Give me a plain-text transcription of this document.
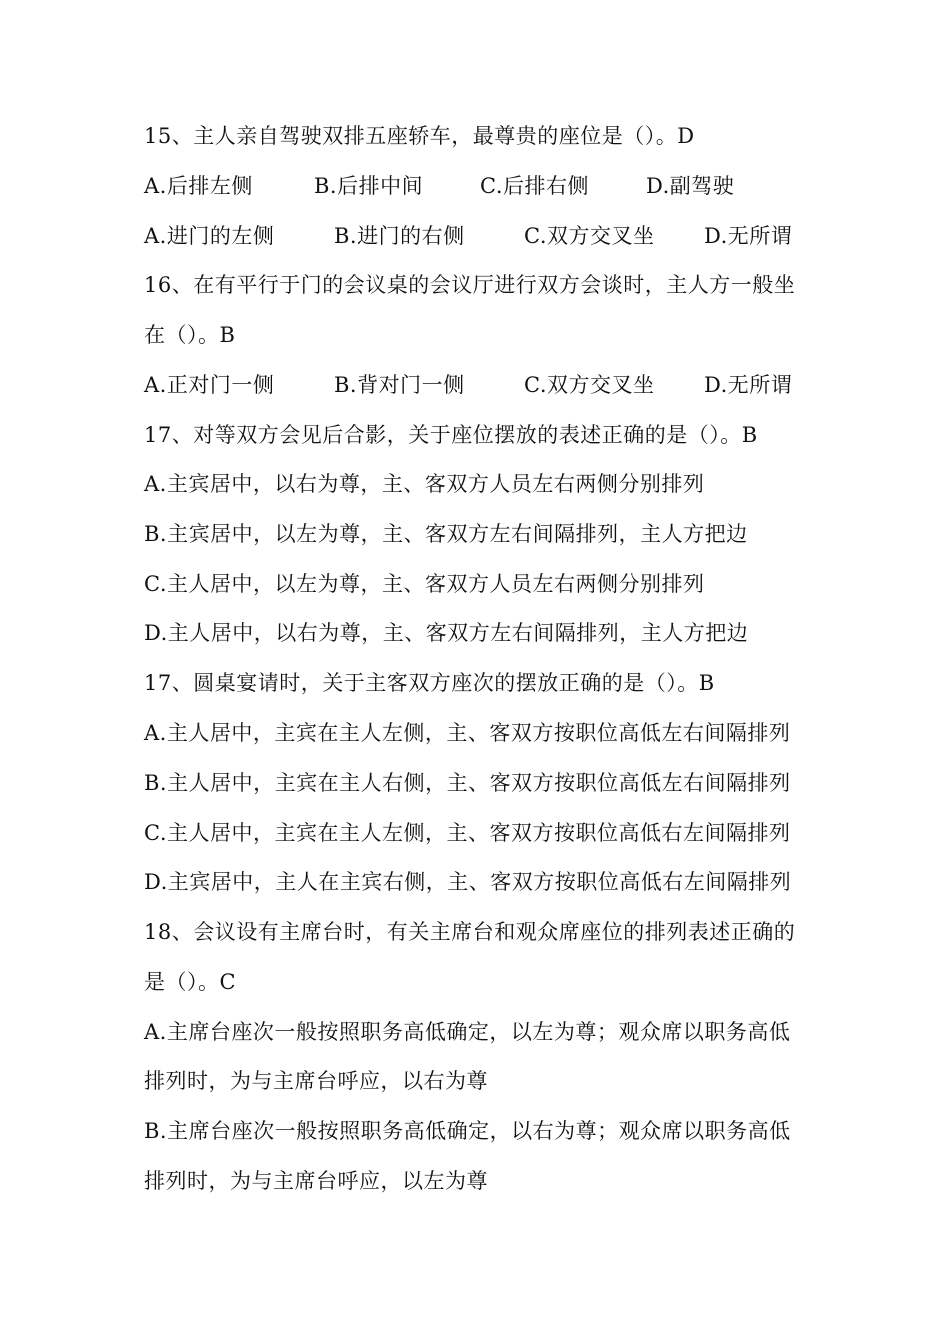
15、主人亲自驾驶双排五座轿车，最尊贵的座位是（）。D
A.后排左侧	B.后排中间	C.后排右侧	D.副驾驶
A.进门的左侧	B.进门的右侧	C.双方交叉坐 D.无所谓
16、在有平行于门的会议桌的会议厅进行双方会谈时，主人方一般坐
在（）。B
A.正对门一侧	B.背对门一侧	C.双方交叉坐 D.无所谓
17、对等双方会见后合影，关于座位摆放的表述正确的是（）。B
A.主宾居中，以右为尊，主、客双方人员左右两侧分别排列
B.主宾居中，以左为尊，主、客双方左右间隔排列，主人方把边
C.主人居中，以左为尊，主、客双方人员左右两侧分别排列
D.主人居中，以右为尊，主、客双方左右间隔排列，主人方把边
17、圆桌宴请时，关于主客双方座次的摆放正确的是（）。B
A.主人居中，主宾在主人左侧，主、客双方按职位高低左右间隔排列
B.主人居中，主宾在主人右侧，主、客双方按职位高低左右间隔排列
C.主人居中，主宾在主人左侧，主、客双方按职位高低右左间隔排列
D.主宾居中，主人在主宾右侧，主、客双方按职位高低右左间隔排列
18、会议设有主席台时，有关主席台和观众席座位的排列表述正确的
是（）。C
A.主席台座次一般按照职务高低确定，以左为尊；观众席以职务高低
排列时，为与主席台呼应，以右为尊
B.主席台座次一般按照职务高低确定，以右为尊；观众席以职务高低
排列时，为与主席台呼应，以左为尊
